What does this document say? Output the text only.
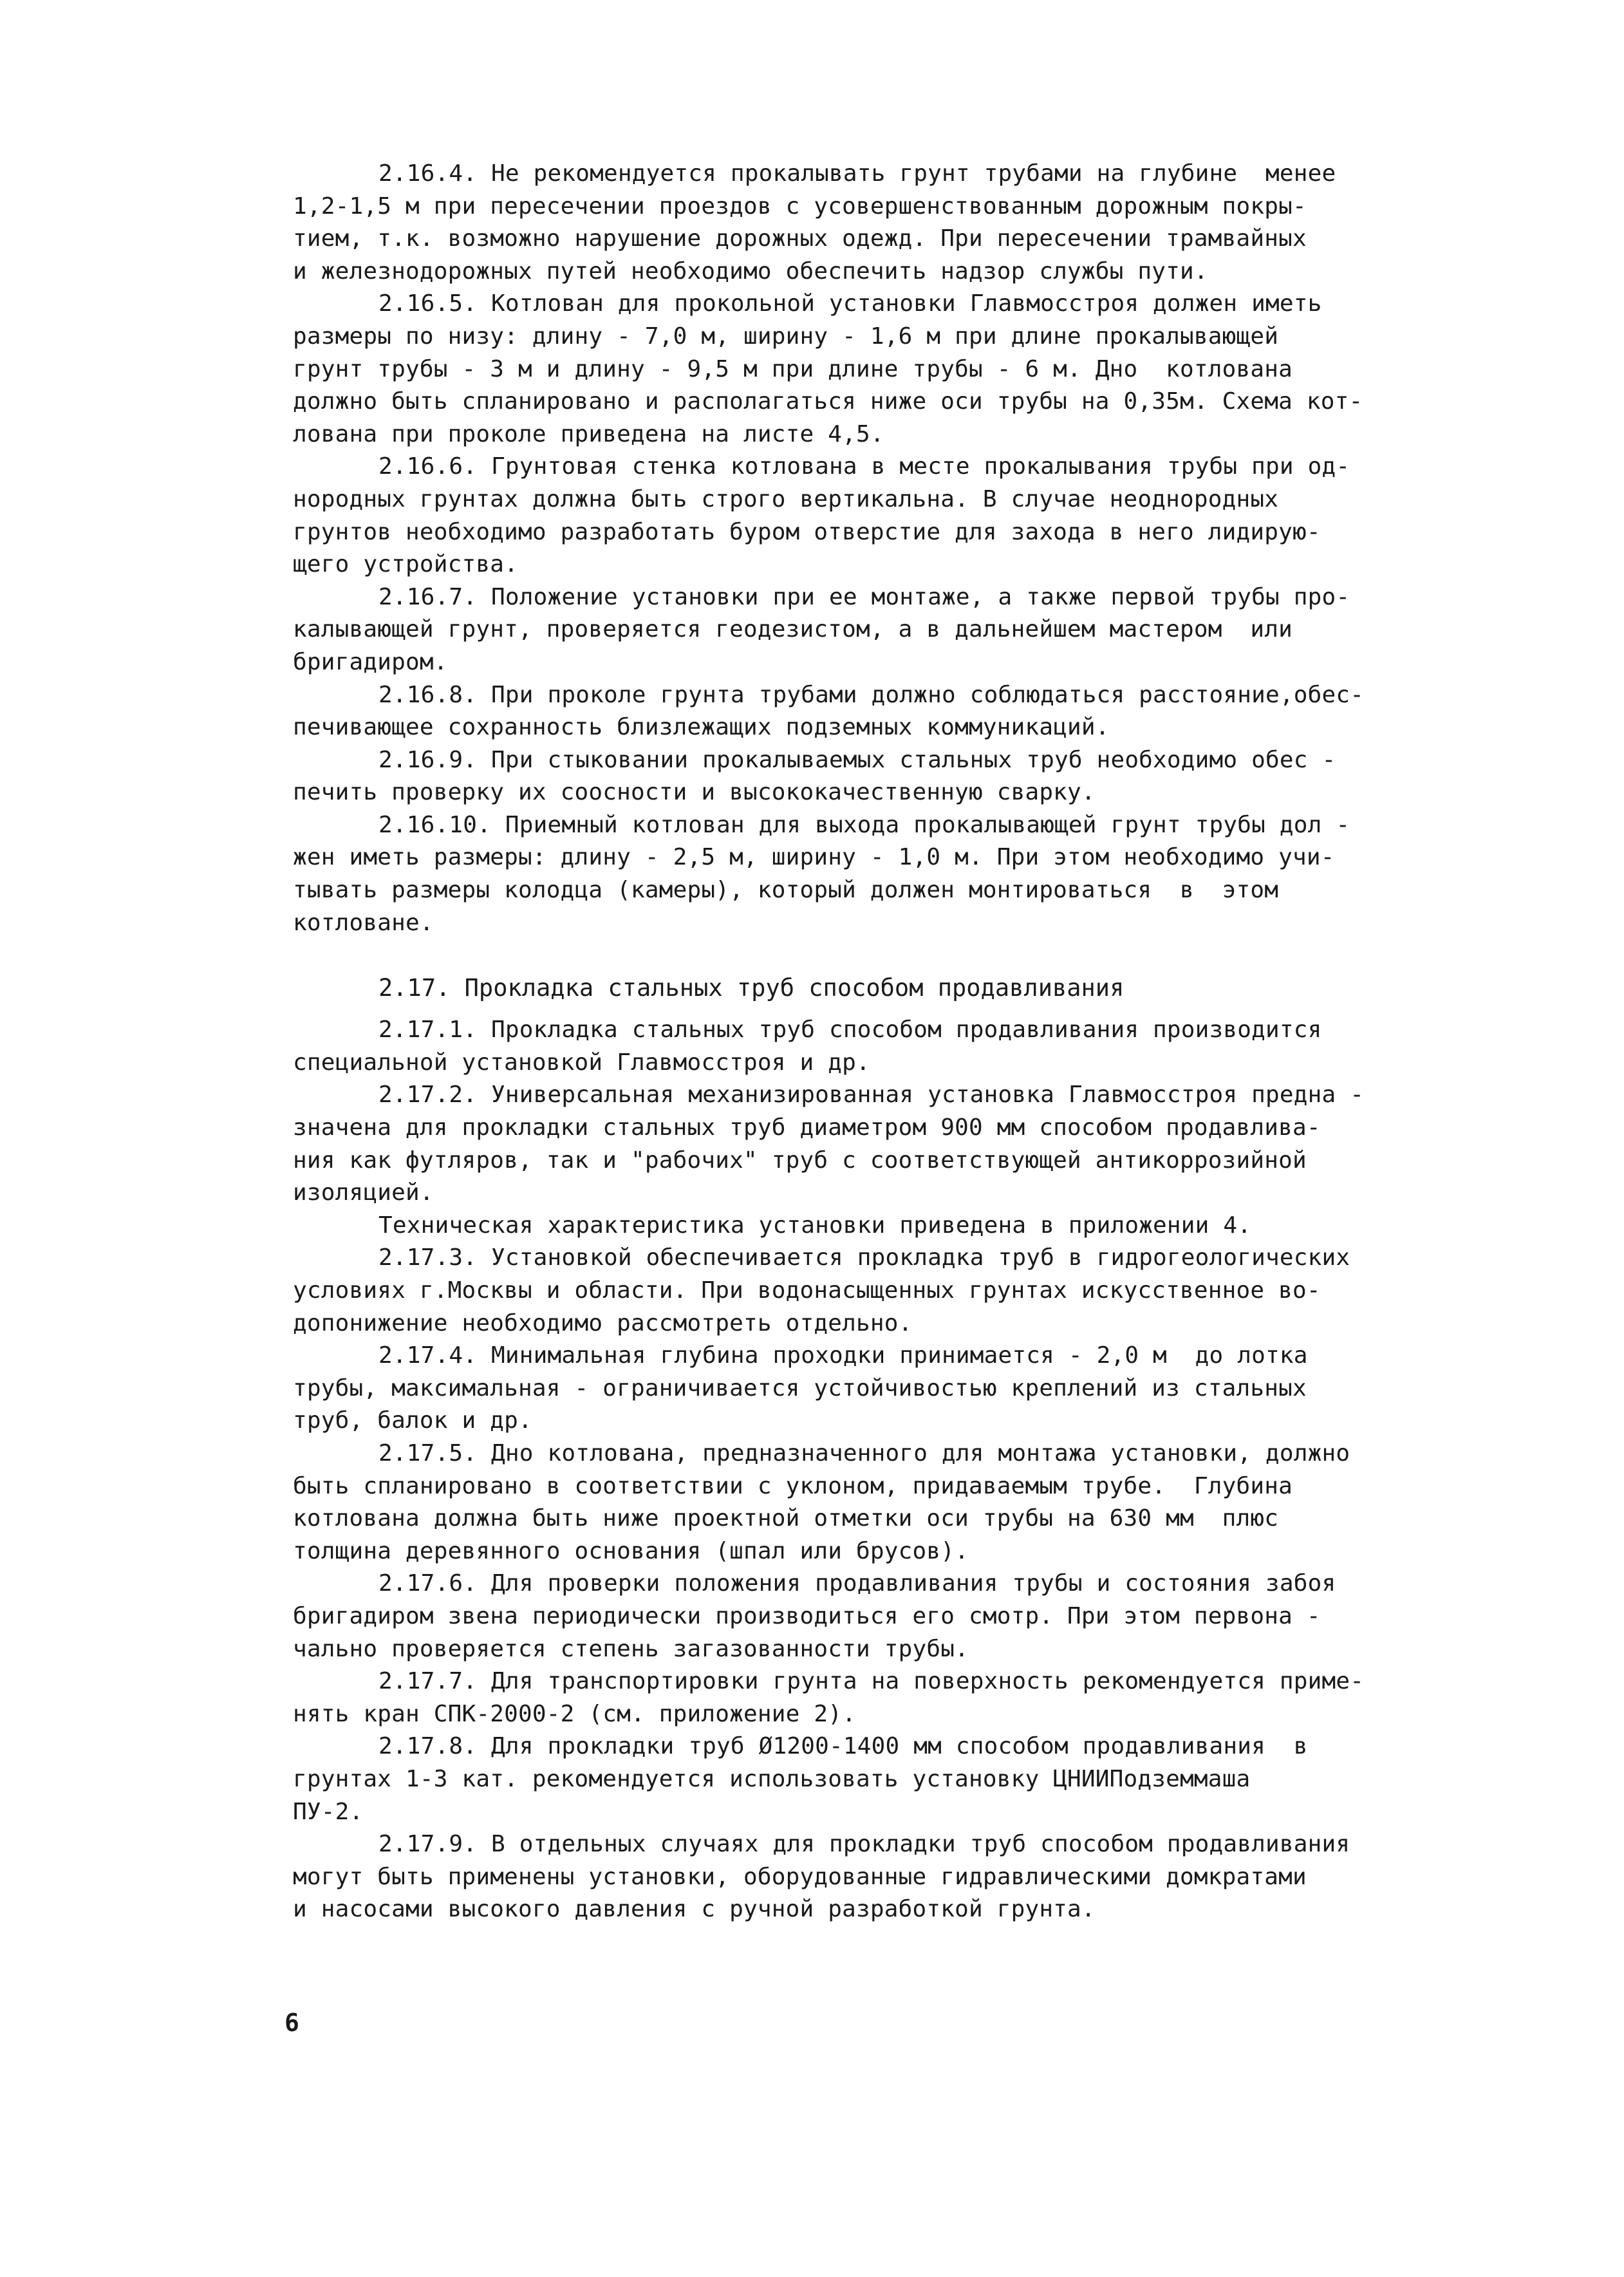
2.16.4. Не рекомендуется прокалывать грунт трубами на глубине  менее
1,2-1,5 м при пересечении проездов с усовершенствованным дорожным покры-
тием, т.к. возможно нарушение дорожных одежд. При пересечении трамвайных
и железнодорожных путей необходимо обеспечить надзор службы пути.
2.16.5. Котлован для прокольной установки Главмосстроя должен иметь
размеры по низу: длину - 7,0 м, ширину - 1,6 м при длине прокалывающей
грунт трубы - 3 м и длину - 9,5 м при длине трубы - 6 м. Дно  котлована
должно быть спланировано и располагаться ниже оси трубы на 0,35м. Схема кот-
лована при проколе приведена на листе 4,5.
2.16.6. Грунтовая стенка котлована в месте прокалывания трубы при од-
нородных грунтах должна быть строго вертикальна. В случае неоднородных
грунтов необходимо разработать буром отверстие для захода в него лидирую-
щего устройства.
2.16.7. Положение установки при ее монтаже, а также первой трубы про-
калывающей грунт, проверяется геодезистом, а в дальнейшем мастером  или
бригадиром.
2.16.8. При проколе грунта трубами должно соблюдаться расстояние,обес-
печивающее сохранность близлежащих подземных коммуникаций.
2.16.9. При стыковании прокалываемых стальных труб необходимо обес -
печить проверку их соосности и высококачественную сварку.
2.16.10. Приемный котлован для выхода прокалывающей грунт трубы дол -
жен иметь размеры: длину - 2,5 м, ширину - 1,0 м. При этом необходимо учи-
тывать размеры колодца (камеры), который должен монтироваться  в  этом
котловане.
2.17. Прокладка стальных труб способом продавливания
2.17.1. Прокладка стальных труб способом продавливания производится
специальной установкой Главмосстроя и др.
2.17.2. Универсальная механизированная установка Главмосстроя предна -
значена для прокладки стальных труб диаметром 900 мм способом продавлива-
ния как футляров, так и "рабочих" труб с соответствующей антикоррозийной
изоляцией.
Техническая характеристика установки приведена в приложении 4.
2.17.3. Установкой обеспечивается прокладка труб в гидрогеологических
условиях г.Москвы и области. При водонасыщенных грунтах искусственное во-
допонижение необходимо рассмотреть отдельно.
2.17.4. Минимальная глубина проходки принимается - 2,0 м  до лотка
трубы, максимальная - ограничивается устойчивостью креплений из стальных
труб, балок и др.
2.17.5. Дно котлована, предназначенного для монтажа установки, должно
быть спланировано в соответствии с уклоном, придаваемым трубе.  Глубина
котлована должна быть ниже проектной отметки оси трубы на 630 мм  плюс
толщина деревянного основания (шпал или брусов).
2.17.6. Для проверки положения продавливания трубы и состояния забоя
бригадиром звена периодически производиться его смотр. При этом первона -
чально проверяется степень загазованности трубы.
2.17.7. Для транспортировки грунта на поверхность рекомендуется приме-
нять кран СПК-2000-2 (см. приложение 2).
2.17.8. Для прокладки труб Ø1200-1400 мм способом продавливания  в
грунтах 1-3 кат. рекомендуется использовать установку ЦНИИПодземмаша
ПУ-2.
2.17.9. В отдельных случаях для прокладки труб способом продавливания
могут быть применены установки, оборудованные гидравлическими домкратами
и насосами высокого давления с ручной разработкой грунта.
6
